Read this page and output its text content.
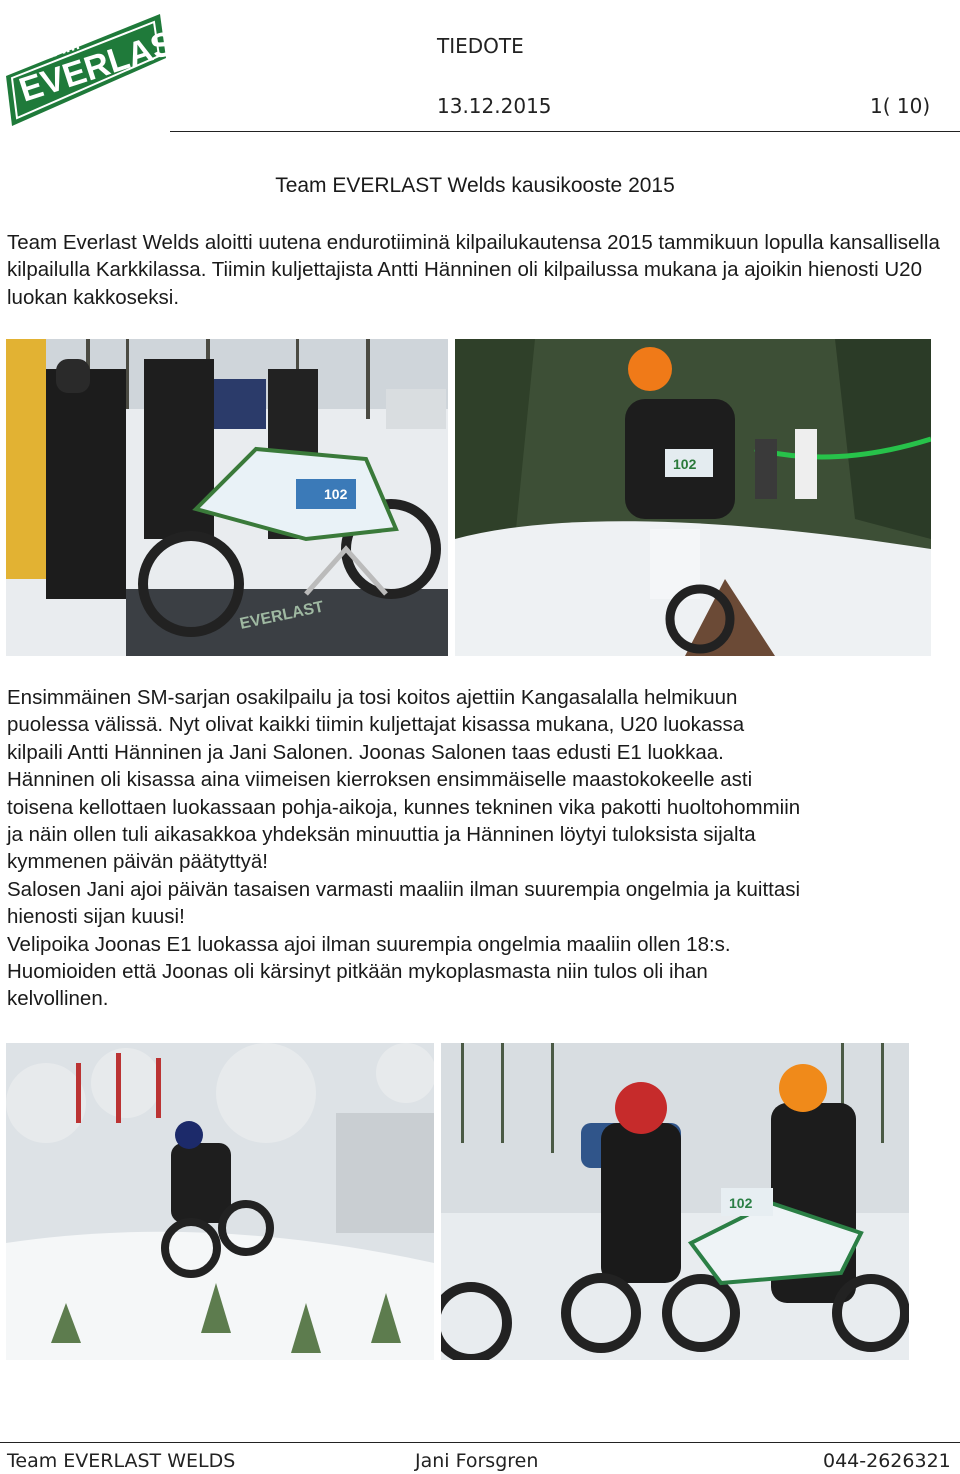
TEAM
EVERLAST
WELDS
TIEDOTE
13.12.2015	1( 10)
Team EVERLAST Welds kausikooste 2015
Team Everlast Welds aloitti uutena endurotiiminä kilpailukautensa 2015 tammikuun lopulla kansallisella kilpailulla Karkkilassa. Tiimin kuljettajista Antti Hänninen oli kilpailussa mukana ja ajoikin hienosti U20 luokan kakkoseksi.
102
EVERLAST
102
Ensimmäinen SM-sarjan osakilpailu ja tosi koitos ajettiin Kangasalalla helmikuun
puolessa välissä. Nyt olivat kaikki tiimin kuljettajat kisassa mukana, U20 luokassa
kilpaili Antti Hänninen ja Jani Salonen. Joonas Salonen taas edusti E1 luokkaa.
Hänninen oli kisassa aina viimeisen kierroksen ensimmäiselle maastokokeelle asti
toisena kellottaen luokassaan pohja-aikoja, kunnes tekninen vika pakotti huoltohommiin
ja näin ollen tuli aikasakkoa yhdeksän minuuttia ja Hänninen löytyi tuloksista sijalta
kymmenen päivän päätyttyä!
Salosen Jani ajoi päivän tasaisen varmasti maaliin ilman suurempia ongelmia ja kuittasi
hienosti sijan kuusi!
Velipoika Joonas E1 luokassa ajoi ilman suurempia ongelmia maaliin ollen 18:s.
Huomioiden että Joonas oli kärsinyt pitkään mykoplasmasta niin tulos oli ihan
kelvollinen.
102
Team EVERLAST WELDS	Jani Forsgren	044-2626321
